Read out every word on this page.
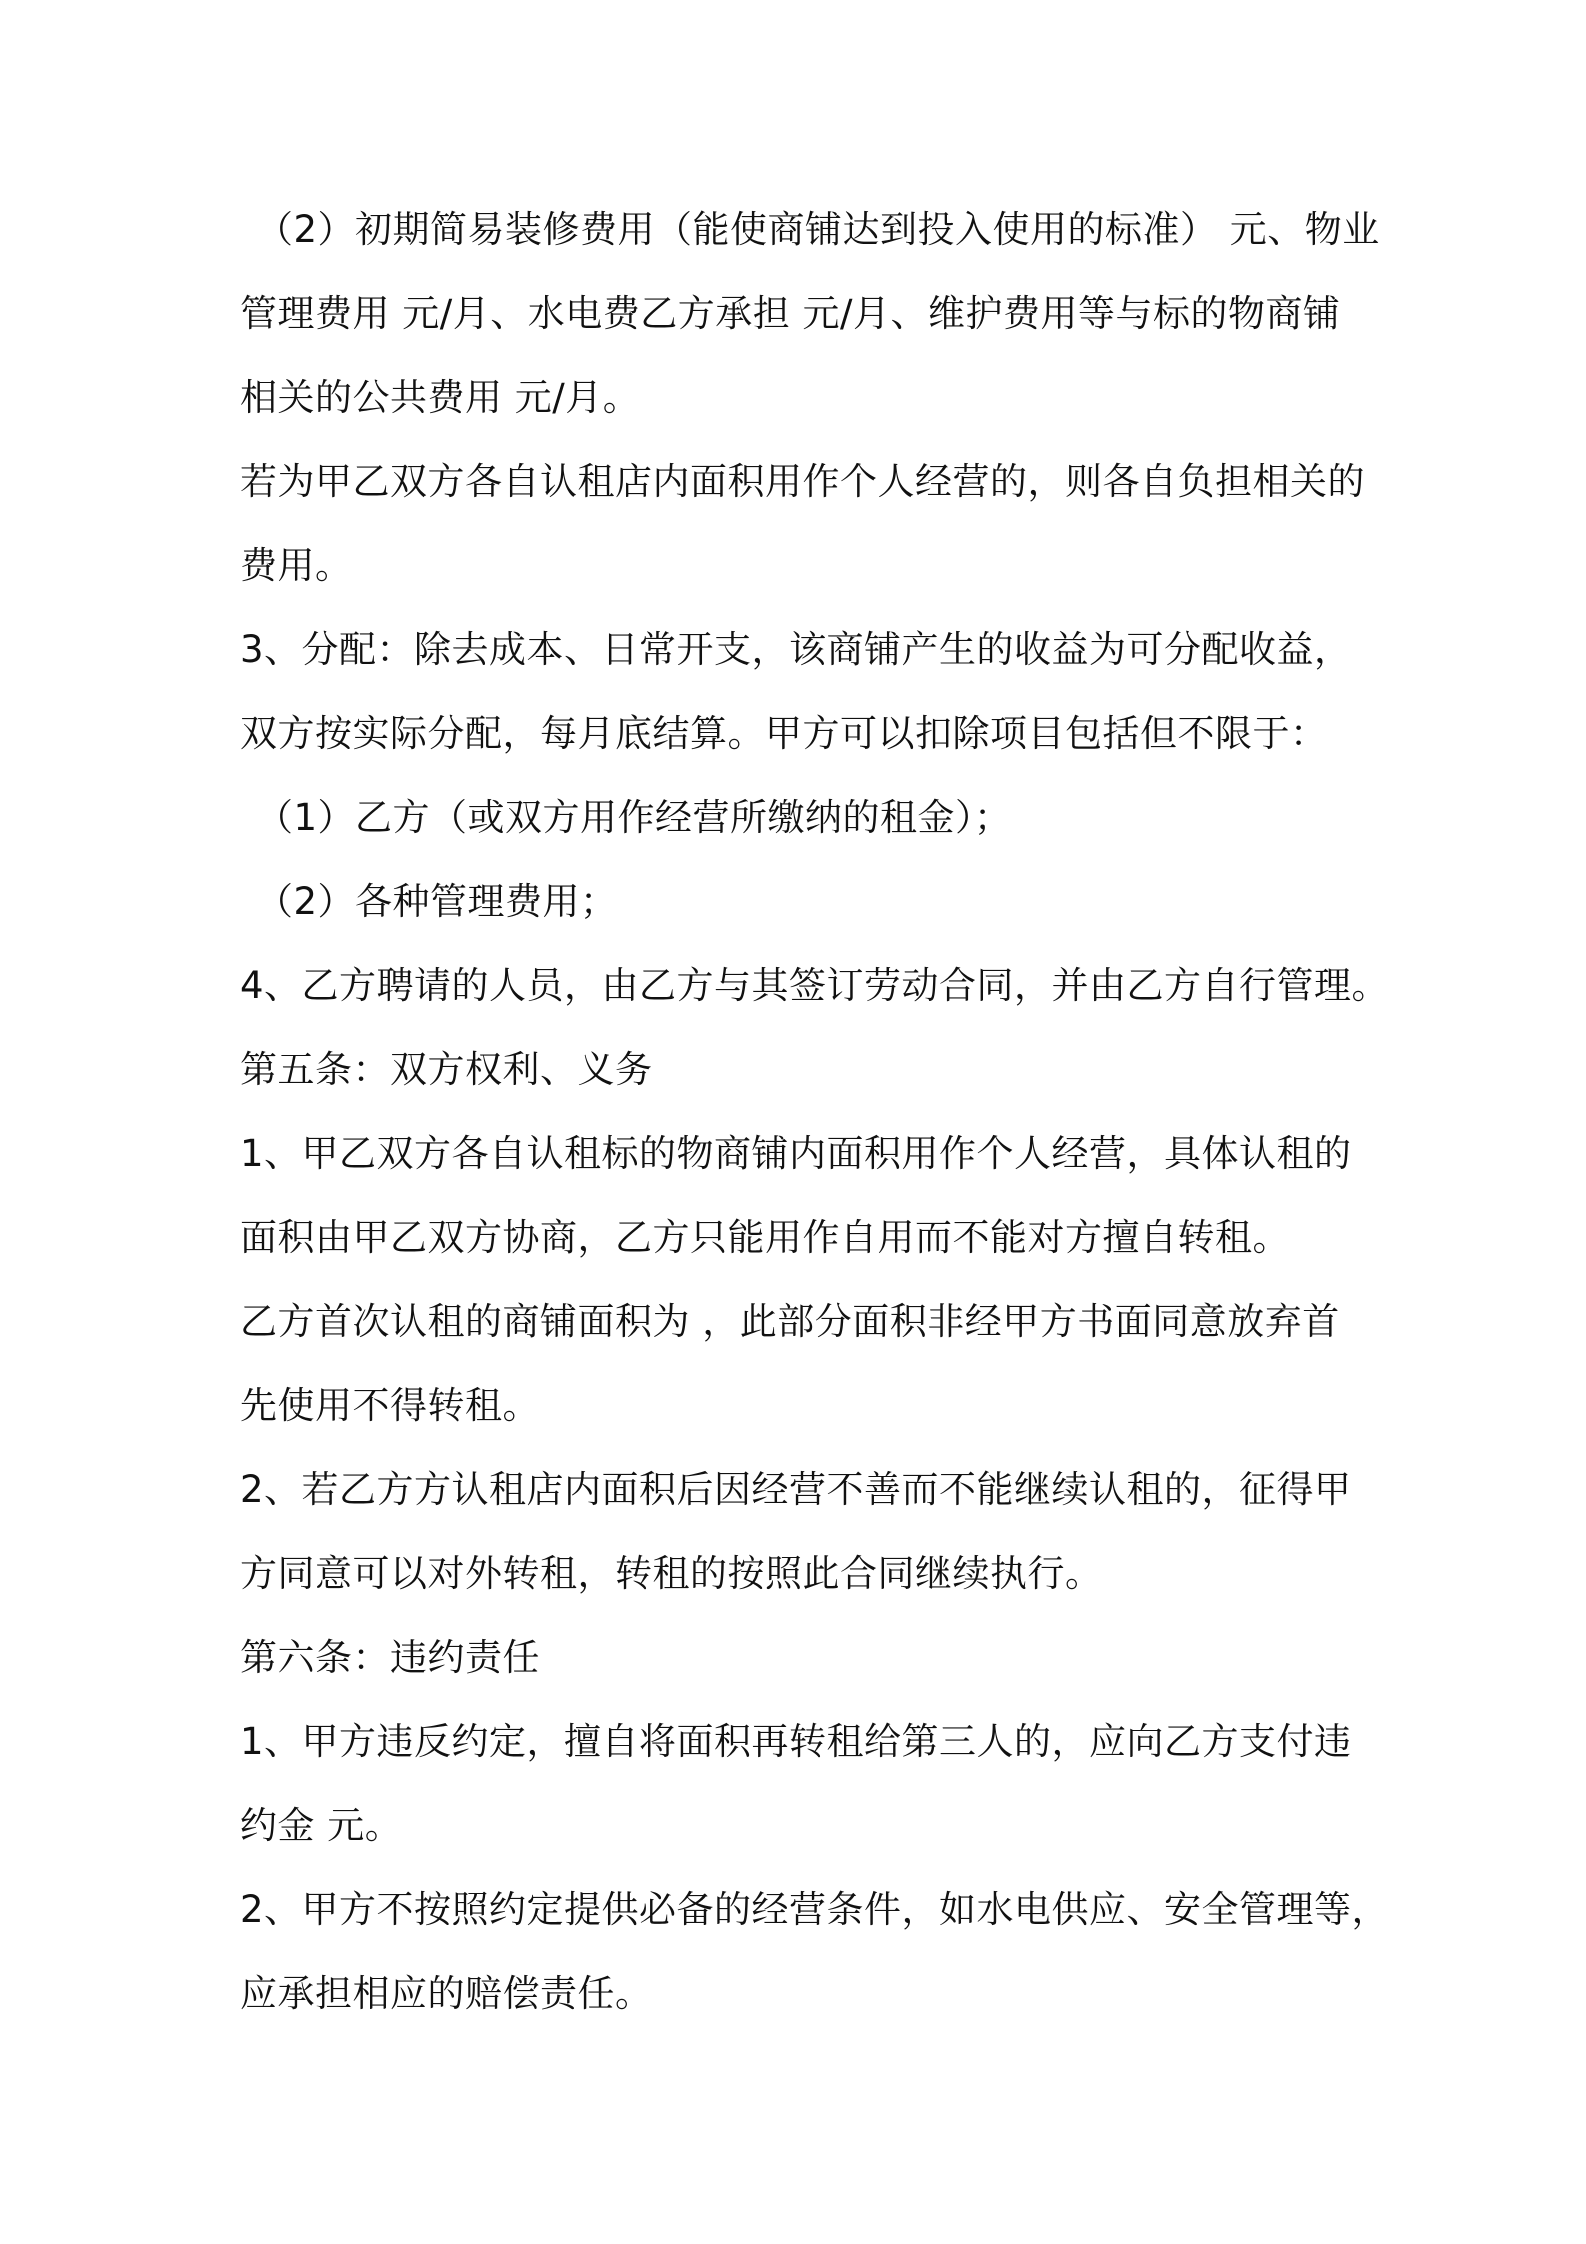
（2）初期简易装修费用（能使商铺达到投入使用的标准） 元、物业
管理费用 元/月、水电费乙方承担 元/月、维护费用等与标的物商铺
相关的公共费用 元/月。
若为甲乙双方各自认租店内面积用作个人经营的，则各自负担相关的
费用。
3、分配：除去成本、日常开支，该商铺产生的收益为可分配收益，
双方按实际分配，每月底结算。甲方可以扣除项目包括但不限于：
（1）乙方（或双方用作经营所缴纳的租金）；
（2）各种管理费用；
4、乙方聘请的人员，由乙方与其签订劳动合同，并由乙方自行管理。
第五条：双方权利、义务
1、甲乙双方各自认租标的物商铺内面积用作个人经营，具体认租的
面积由甲乙双方协商，乙方只能用作自用而不能对方擅自转租。
乙方首次认租的商铺面积为 ，此部分面积非经甲方书面同意放弃首
先使用不得转租。
2、若乙方方认租店内面积后因经营不善而不能继续认租的，征得甲
方同意可以对外转租，转租的按照此合同继续执行。
第六条：违约责任
1、甲方违反约定，擅自将面积再转租给第三人的，应向乙方支付违
约金 元。
2、甲方不按照约定提供必备的经营条件，如水电供应、安全管理等，
应承担相应的赔偿责任。
